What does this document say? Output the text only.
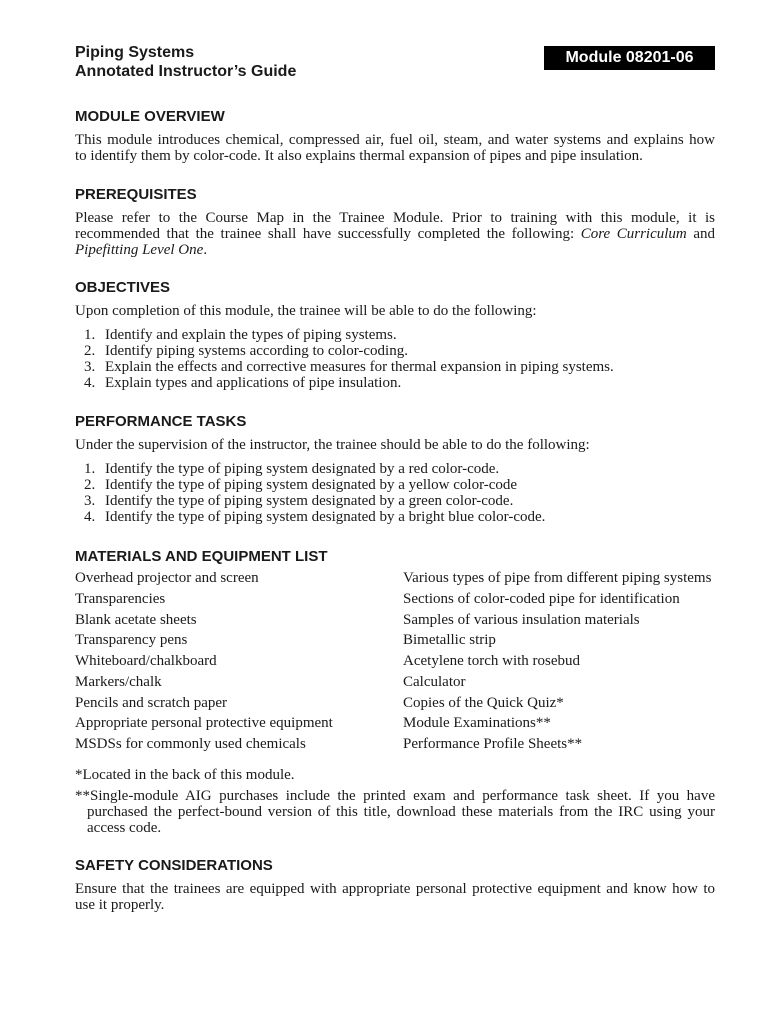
Piping Systems
Annotated Instructor’s Guide
Module 08201-06
MODULE OVERVIEW
This module introduces chemical, compressed air, fuel oil, steam, and water systems and explains how
to identify them by color-code. It also explains thermal expansion of pipes and pipe insulation.
PREREQUISITES
Please refer to the Course Map in the Trainee Module. Prior to training with this module, it is
recommended that the trainee shall have successfully completed the following: Core Curriculum and
Pipefitting Level One.
OBJECTIVES
Upon completion of this module, the trainee will be able to do the following:
1. Identify and explain the types of piping systems.
2. Identify piping systems according to color-coding.
3. Explain the effects and corrective measures for thermal expansion in piping systems.
4. Explain types and applications of pipe insulation.
PERFORMANCE TASKS
Under the supervision of the instructor, the trainee should be able to do the following:
1. Identify the type of piping system designated by a red color-code.
2. Identify the type of piping system designated by a yellow color-code
3. Identify the type of piping system designated by a green color-code.
4. Identify the type of piping system designated by a bright blue color-code.
MATERIALS AND EQUIPMENT LIST
Overhead projector and screen
Transparencies
Blank acetate sheets
Transparency pens
Whiteboard/chalkboard
Markers/chalk
Pencils and scratch paper
Appropriate personal protective equipment
MSDSs for commonly used chemicals
Various types of pipe from different piping systems
Sections of color-coded pipe for identification
Samples of various insulation materials
Bimetallic strip
Acetylene torch with rosebud
Calculator
Copies of the Quick Quiz*
Module Examinations**
Performance Profile Sheets**
*Located in the back of this module.
**Single-module AIG purchases include the printed exam and performance task sheet. If you have
purchased the perfect-bound version of this title, download these materials from the IRC using your
access code.
SAFETY CONSIDERATIONS
Ensure that the trainees are equipped with appropriate personal protective equipment and know how to
use it properly.
